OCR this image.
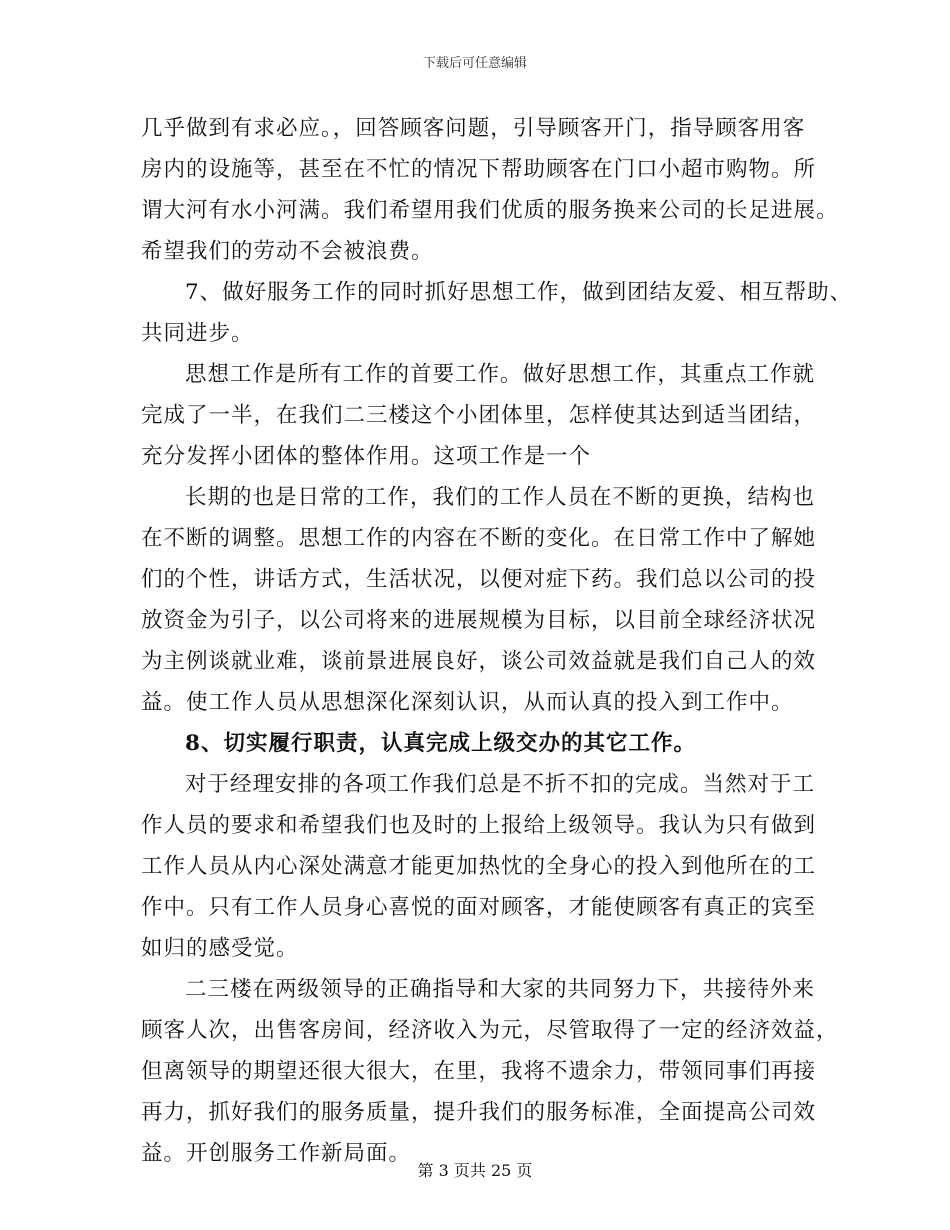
下载后可任意编辑
几乎做到有求必应。，回答顾客问题，引导顾客开门，指导顾客用客
房内的设施等，甚至在不忙的情况下帮助顾客在门口小超市购物。所
谓大河有水小河满。我们希望用我们优质的服务换来公司的长足进展。
希望我们的劳动不会被浪费。
7、做好服务工作的同时抓好思想工作，做到团结友爱、相互帮助、
共同进步。
思想工作是所有工作的首要工作。做好思想工作，其重点工作就
完成了一半，在我们二三楼这个小团体里，怎样使其达到适当团结，
充分发挥小团体的整体作用。这项工作是一个
长期的也是日常的工作，我们的工作人员在不断的更换，结构也
在不断的调整。思想工作的内容在不断的变化。在日常工作中了解她
们的个性，讲话方式，生活状况，以便对症下药。我们总以公司的投
放资金为引子，以公司将来的进展规模为目标，以目前全球经济状况
为主例谈就业难，谈前景进展良好，谈公司效益就是我们自己人的效
益。使工作人员从思想深化深刻认识，从而认真的投入到工作中。
8、切实履行职责，认真完成上级交办的其它工作。
对于经理安排的各项工作我们总是不折不扣的完成。当然对于工
作人员的要求和希望我们也及时的上报给上级领导。我认为只有做到
工作人员从内心深处满意才能更加热忱的全身心的投入到他所在的工
作中。只有工作人员身心喜悦的面对顾客，才能使顾客有真正的宾至
如归的感受觉。
二三楼在两级领导的正确指导和大家的共同努力下，共接待外来
顾客人次，出售客房间，经济收入为元，尽管取得了一定的经济效益，
但离领导的期望还很大很大，在里，我将不遗余力，带领同事们再接
再力，抓好我们的服务质量，提升我们的服务标准，全面提高公司效
益。开创服务工作新局面。
第 3 页共 25 页
